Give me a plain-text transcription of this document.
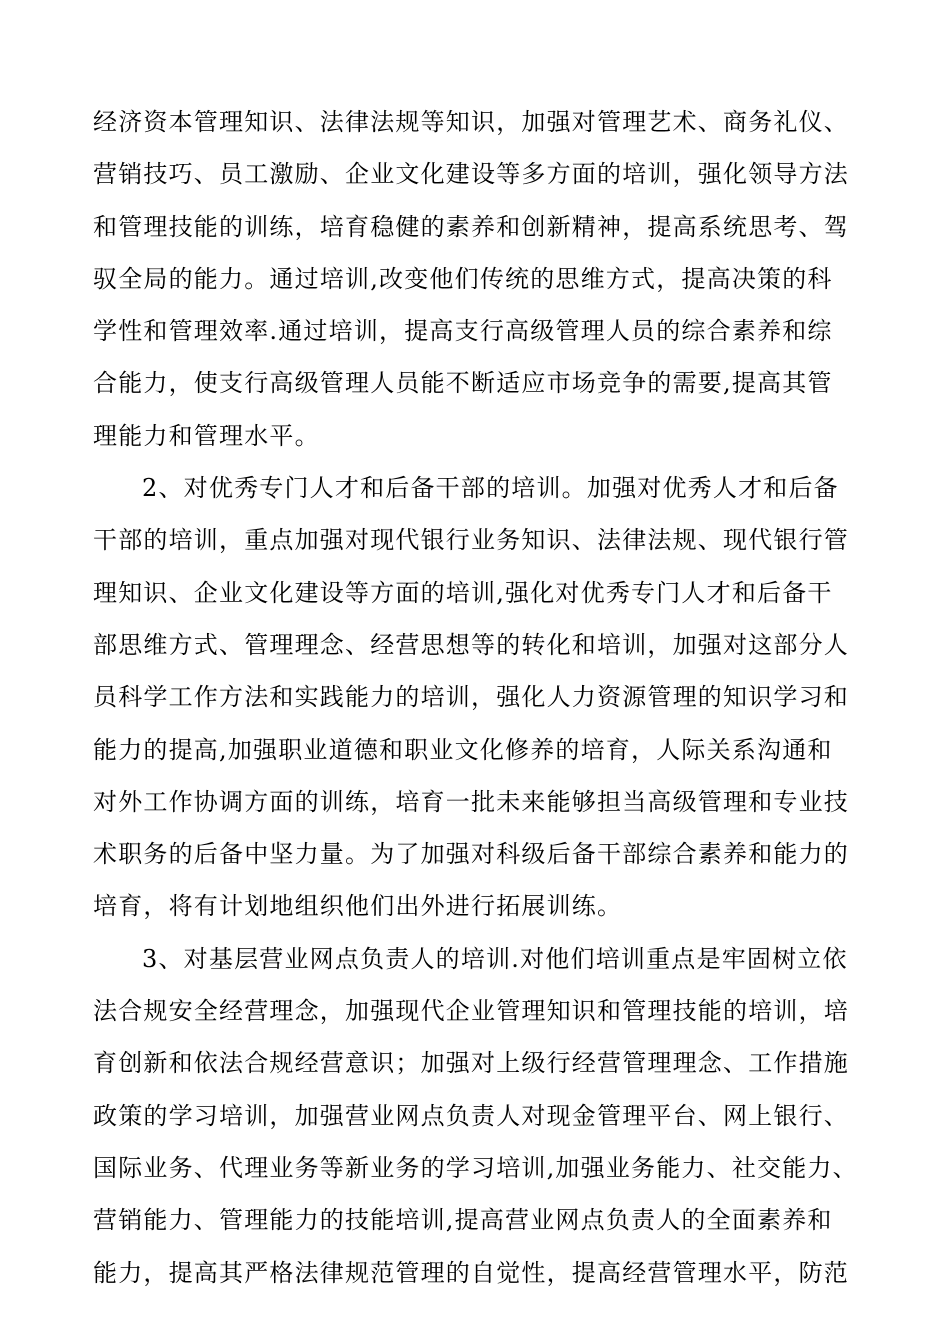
经济资本管理知识、法律法规等知识，加强对管理艺术、商务礼仪、
营销技巧、员工激励、企业文化建设等多方面的培训，强化领导方法
和管理技能的训练，培育稳健的素养和创新精神，提高系统思考、驾
驭全局的能力。通过培训,改变他们传统的思维方式，提高决策的科
学性和管理效率.通过培训，提高支行高级管理人员的综合素养和综
合能力，使支行高级管理人员能不断适应市场竞争的需要,提高其管
理能力和管理水平。
2、对优秀专门人才和后备干部的培训。加强对优秀人才和后备
干部的培训，重点加强对现代银行业务知识、法律法规、现代银行管
理知识、企业文化建设等方面的培训,强化对优秀专门人才和后备干
部思维方式、管理理念、经营思想等的转化和培训，加强对这部分人
员科学工作方法和实践能力的培训，强化人力资源管理的知识学习和
能力的提高,加强职业道德和职业文化修养的培育，人际关系沟通和
对外工作协调方面的训练，培育一批未来能够担当高级管理和专业技
术职务的后备中坚力量。为了加强对科级后备干部综合素养和能力的
培育，将有计划地组织他们出外进行拓展训练。
3、对基层营业网点负责人的培训.对他们培训重点是牢固树立依
法合规安全经营理念，加强现代企业管理知识和管理技能的培训，培
育创新和依法合规经营意识；加强对上级行经营管理理念、工作措施
政策的学习培训，加强营业网点负责人对现金管理平台、网上银行、
国际业务、代理业务等新业务的学习培训,加强业务能力、社交能力、
营销能力、管理能力的技能培训,提高营业网点负责人的全面素养和
能力，提高其严格法律规范管理的自觉性，提高经营管理水平，防范
